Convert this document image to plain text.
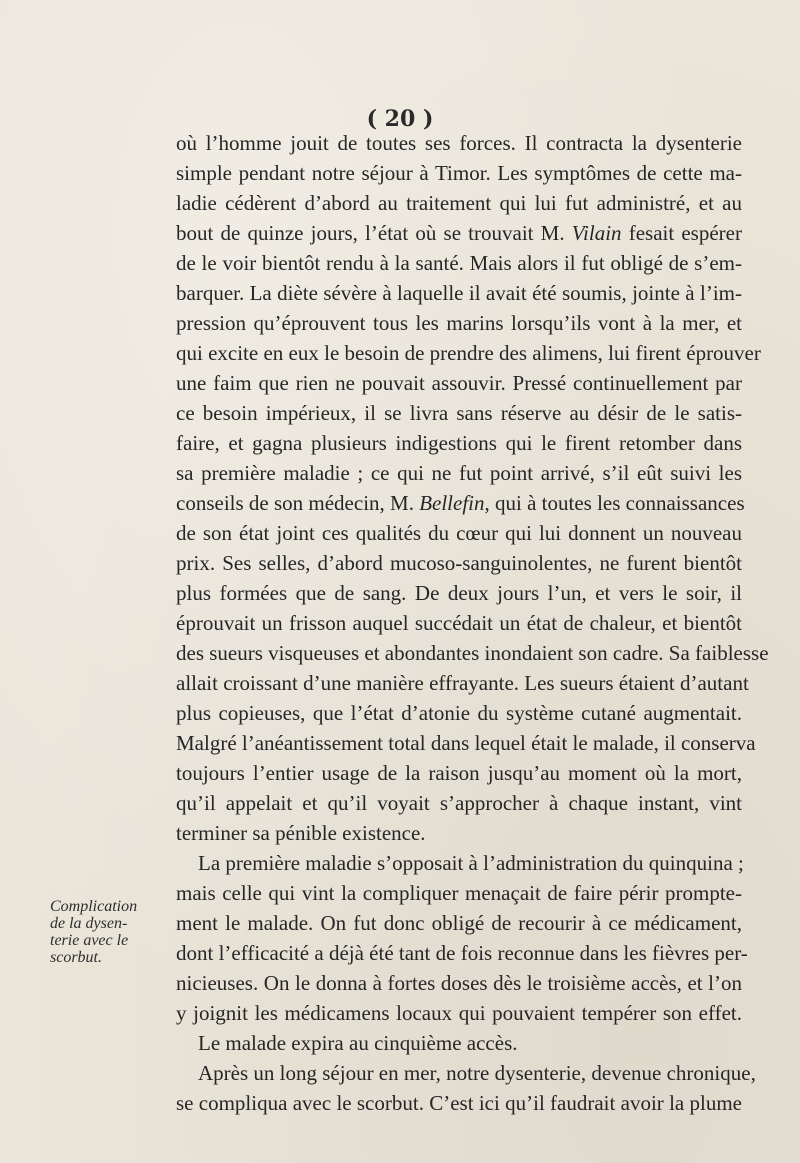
( 20 )
où l’homme jouit de toutes ses forces. Il contracta la dysenterie
simple pendant notre séjour à Timor. Les symptômes de cette ma-
ladie cédèrent d’abord au traitement qui lui fut administré, et au
bout de quinze jours, l’état où se trouvait M. Vilain fesait espérer
de le voir bientôt rendu à la santé. Mais alors il fut obligé de s’em-
barquer. La diète sévère à laquelle il avait été soumis, jointe à l’im-
pression qu’éprouvent tous les marins lorsqu’ils vont à la mer, et
qui excite en eux le besoin de prendre des alimens, lui firent éprouver
une faim que rien ne pouvait assouvir. Pressé continuellement par
ce besoin impérieux, il se livra sans réserve au désir de le satis-
faire, et gagna plusieurs indigestions qui le firent retomber dans
sa première maladie ; ce qui ne fut point arrivé, s’il eût suivi les
conseils de son médecin, M. Bellefin, qui à toutes les connaissances
de son état joint ces qualités du cœur qui lui donnent un nouveau
prix. Ses selles, d’abord mucoso-sanguinolentes, ne furent bientôt
plus formées que de sang. De deux jours l’un, et vers le soir, il
éprouvait un frisson auquel succédait un état de chaleur, et bientôt
des sueurs visqueuses et abondantes inondaient son cadre. Sa faiblesse
allait croissant d’une manière effrayante. Les sueurs étaient d’autant
plus copieuses, que l’état d’atonie du système cutané augmentait.
Malgré l’anéantissement total dans lequel était le malade, il conserva
toujours l’entier usage de la raison jusqu’au moment où la mort,
qu’il appelait et qu’il voyait s’approcher à chaque instant, vint
terminer sa pénible existence.
La première maladie s’opposait à l’administration du quinquina ;
mais celle qui vint la compliquer menaçait de faire périr prompte-
ment le malade. On fut donc obligé de recourir à ce médicament,
dont l’efficacité a déjà été tant de fois reconnue dans les fièvres per-
nicieuses. On le donna à fortes doses dès le troisième accès, et l’on
y joignit les médicamens locaux qui pouvaient tempérer son effet.
Le malade expira au cinquième accès.
Après un long séjour en mer, notre dysenterie, devenue chronique,
se compliqua avec le scorbut. C’est ici qu’il faudrait avoir la plume
Complication
de la dysen-
terie avec le
scorbut.
